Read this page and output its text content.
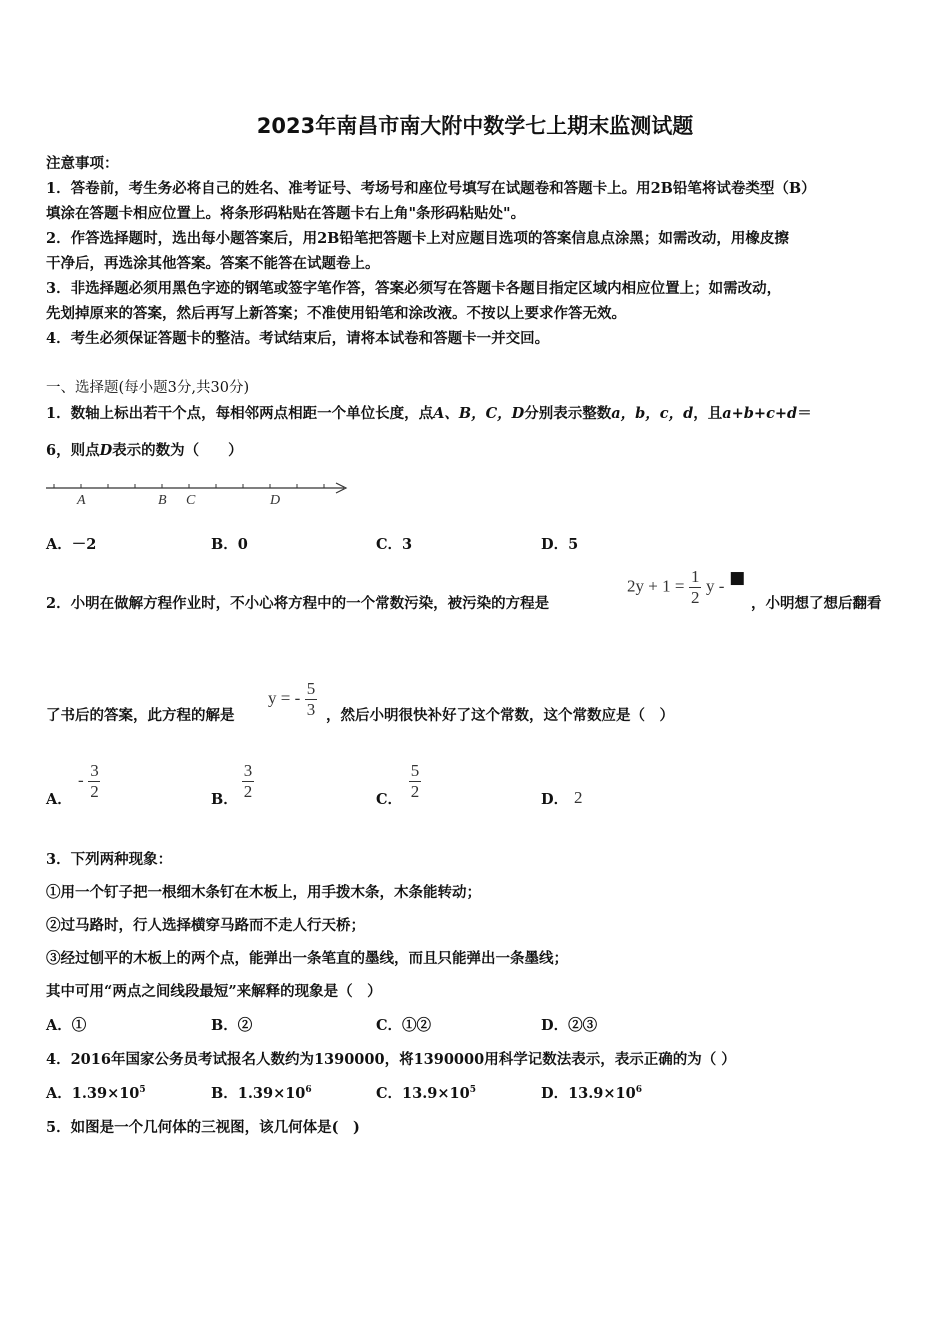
2023年南昌市南大附中数学七上期末监测试题
注意事项：
1．答卷前，考生务必将自己的姓名、准考证号、考场号和座位号填写在试题卷和答题卡上。用2B铅笔将试卷类型（B）
填涂在答题卡相应位置上。将条形码粘贴在答题卡右上角"条形码粘贴处"。
2．作答选择题时，选出每小题答案后，用2B铅笔把答题卡上对应题目选项的答案信息点涂黑；如需改动，用橡皮擦
干净后，再选涂其他答案。答案不能答在试题卷上。
3．非选择题必须用黑色字迹的钢笔或签字笔作答，答案必须写在答题卡各题目指定区域内相应位置上；如需改动，
先划掉原来的答案，然后再写上新答案；不准使用铅笔和涂改液。不按以上要求作答无效。
4．考生必须保证答题卡的整洁。考试结束后，请将本试卷和答题卡一并交回。
一、选择题(每小题3分,共30分)
1．数轴上标出若干个点，每相邻两点相距一个单位长度，点A、B，C，D分别表示整数a，b，c，d，且a+b+c+d＝
6，则点D表示的数为（　　）
A	B C	D
A．－2	B．0	C．3	D．5
2．小明在做解方程作业时，不小心将方程中的一个常数污染，被污染的方程是
$2y + 1 = \frac{1}{2}$ y - ■
，小明想了想后翻看
了书后的答案，此方程的解是
y = - $\frac{5}{3}$ ，然后小明很快补好了这个常数，这个常数应是（　）
A．
- $\frac{3}{2}$	B． $\frac{3}{2}$	C． $\frac{5}{2}$	D． 2
3．下列两种现象：
①用一个钉子把一根细木条钉在木板上，用手拨木条，木条能转动；
②过马路时，行人选择横穿马路而不走人行天桥；
③经过刨平的木板上的两个点，能弹出一条笔直的墨线，而且只能弹出一条墨线；
其中可用“两点之间线段最短”来解释的现象是（　）
A．①	B．②	C．①②	D．②③
4．2016年国家公务员考试报名人数约为1390000，将1390000用科学记数法表示，表示正确的为（ ）
A．$1.39\times 10^5$	B．$1.39\times 10^6$	C．$13.9\times 10^5$	D．$13.9\times 10^6$
5．如图是一个几何体的三视图，该几何体是(　)
